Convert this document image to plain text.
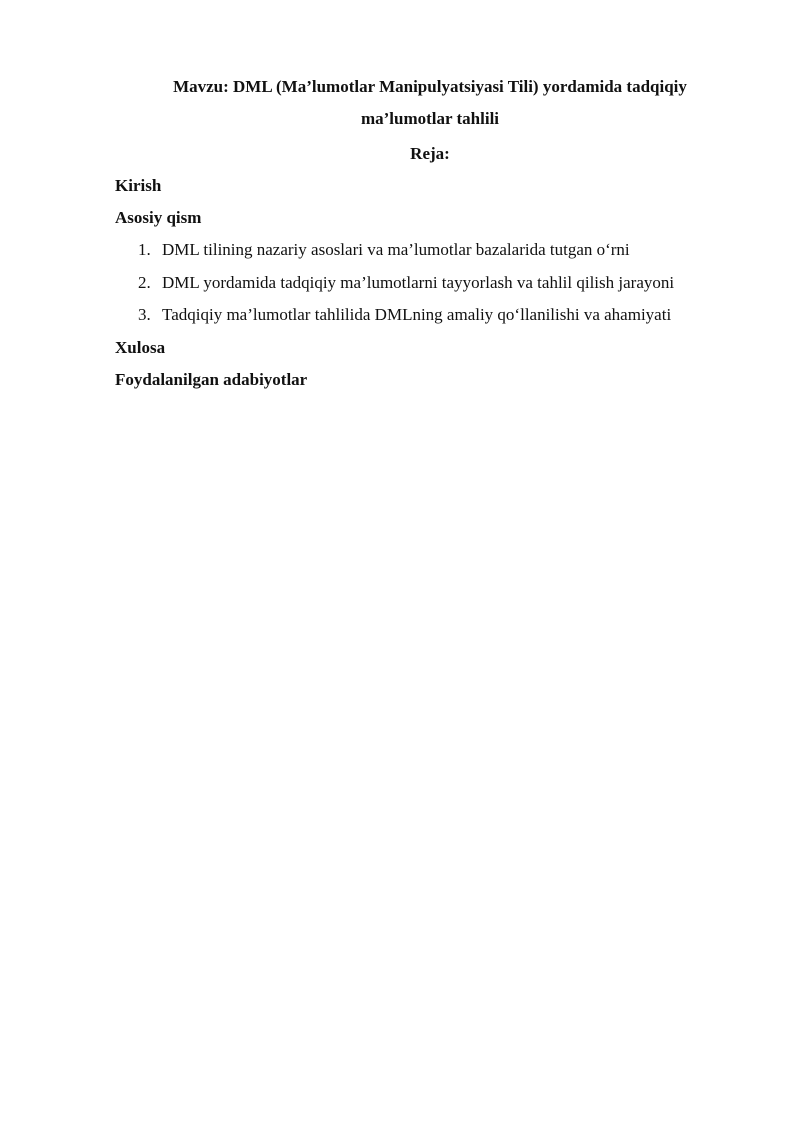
Mavzu: DML (Ma’lumotlar Manipulyatsiyasi Tili) yordamida tadqiqiy
ma’lumotlar tahlili
Reja:
Kirish
Asosiy qism
1. DML tilining nazariy asoslari va ma’lumotlar bazalarida tutgan o‘rni
2. DML yordamida tadqiqiy ma’lumotlarni tayyorlash va tahlil qilish jarayoni
3. Tadqiqiy ma’lumotlar tahlilida DMLning amaliy qo‘llanilishi va ahamiyati
Xulosa
Foydalanilgan adabiyotlar
